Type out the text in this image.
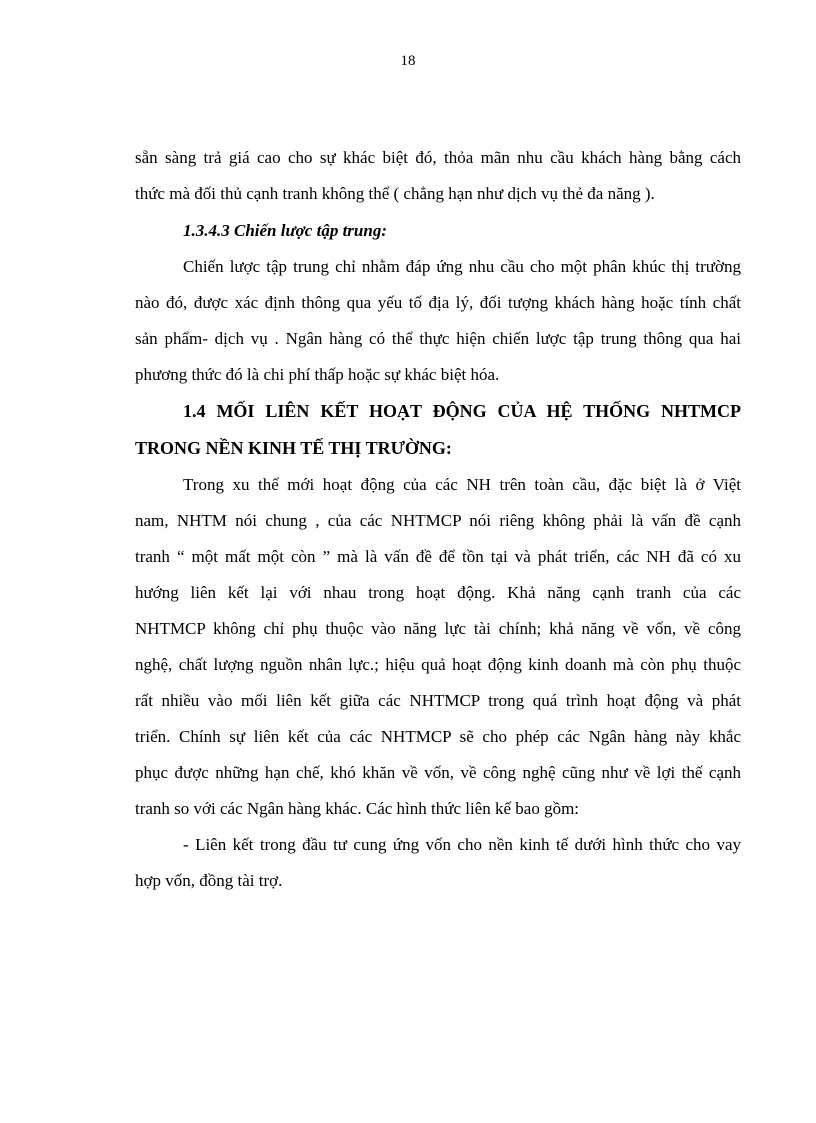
18
sẵn sàng trả giá cao cho sự khác biệt đó, thỏa mãn nhu cầu khách hàng bằng cách
thức mà đối thủ cạnh tranh không thể ( chẳng hạn như dịch vụ thẻ đa năng ).
1.3.4.3 Chiến lược tập trung:
Chiến lược tập trung chỉ nhằm đáp ứng nhu cầu cho một phân khúc thị trường
nào đó, được xác định thông qua yếu tố địa lý, đối tượng khách hàng hoặc tính chất
sản phẩm- dịch vụ . Ngân hàng có thể thực hiện chiến lược tập trung thông qua hai
phương thức đó là chi phí thấp hoặc sự khác biệt hóa.
1.4 MỐI LIÊN KẾT HOẠT ĐỘNG CỦA HỆ THỐNG NHTMCP
TRONG NỀN KINH TẾ THỊ TRƯỜNG:
Trong xu thế mới hoạt động của các NH trên toàn cầu, đặc biệt là ở Việt
nam, NHTM nói chung , của các NHTMCP nói riêng không phải là vấn đề cạnh
tranh “ một mất một còn ” mà là vấn đề để tồn tại và phát triển, các NH đã có xu
hướng liên kết lại với nhau trong hoạt động. Khả năng cạnh tranh của các
NHTMCP không chỉ phụ thuộc vào năng lực tài chính; khả năng về vốn, về công
nghệ, chất lượng nguồn nhân lực.; hiệu quả hoạt động kinh doanh mà còn phụ thuộc
rất nhiều vào mối liên kết giữa các NHTMCP trong quá trình hoạt động và phát
triển. Chính sự liên kết của các NHTMCP sẽ cho phép các Ngân hàng này khắc
phục được những hạn chế, khó khăn về vốn, về công nghệ cũng như về lợi thế cạnh
tranh so với các Ngân hàng khác. Các hình thức liên kế bao gồm:
- Liên kết trong đầu tư cung ứng vốn cho nền kinh tế dưới hình thức cho vay
hợp vốn, đồng tài trợ.
